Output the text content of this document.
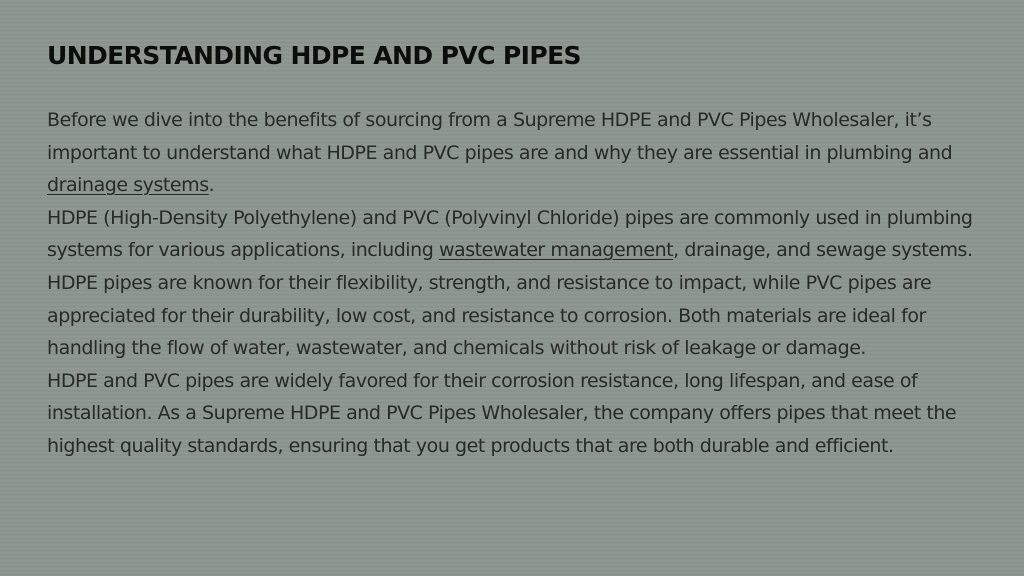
UNDERSTANDING HDPE AND PVC PIPES

Before we dive into the benefits of sourcing from a Supreme HDPE and PVC Pipes Wholesaler, it’s important to understand what HDPE and PVC pipes are and why they are essential in plumbing and drainage systems.

HDPE (High-Density Polyethylene) and PVC (Polyvinyl Chloride) pipes are commonly used in plumbing systems for various applications, including wastewater management, drainage, and sewage systems. HDPE pipes are known for their flexibility, strength, and resistance to impact, while PVC pipes are appreciated for their durability, low cost, and resistance to corrosion. Both materials are ideal for handling the flow of water, wastewater, and chemicals without risk of leakage or damage.

HDPE and PVC pipes are widely favored for their corrosion resistance, long lifespan, and ease of installation. As a Supreme HDPE and PVC Pipes Wholesaler, the company offers pipes that meet the highest quality standards, ensuring that you get products that are both durable and efficient.
